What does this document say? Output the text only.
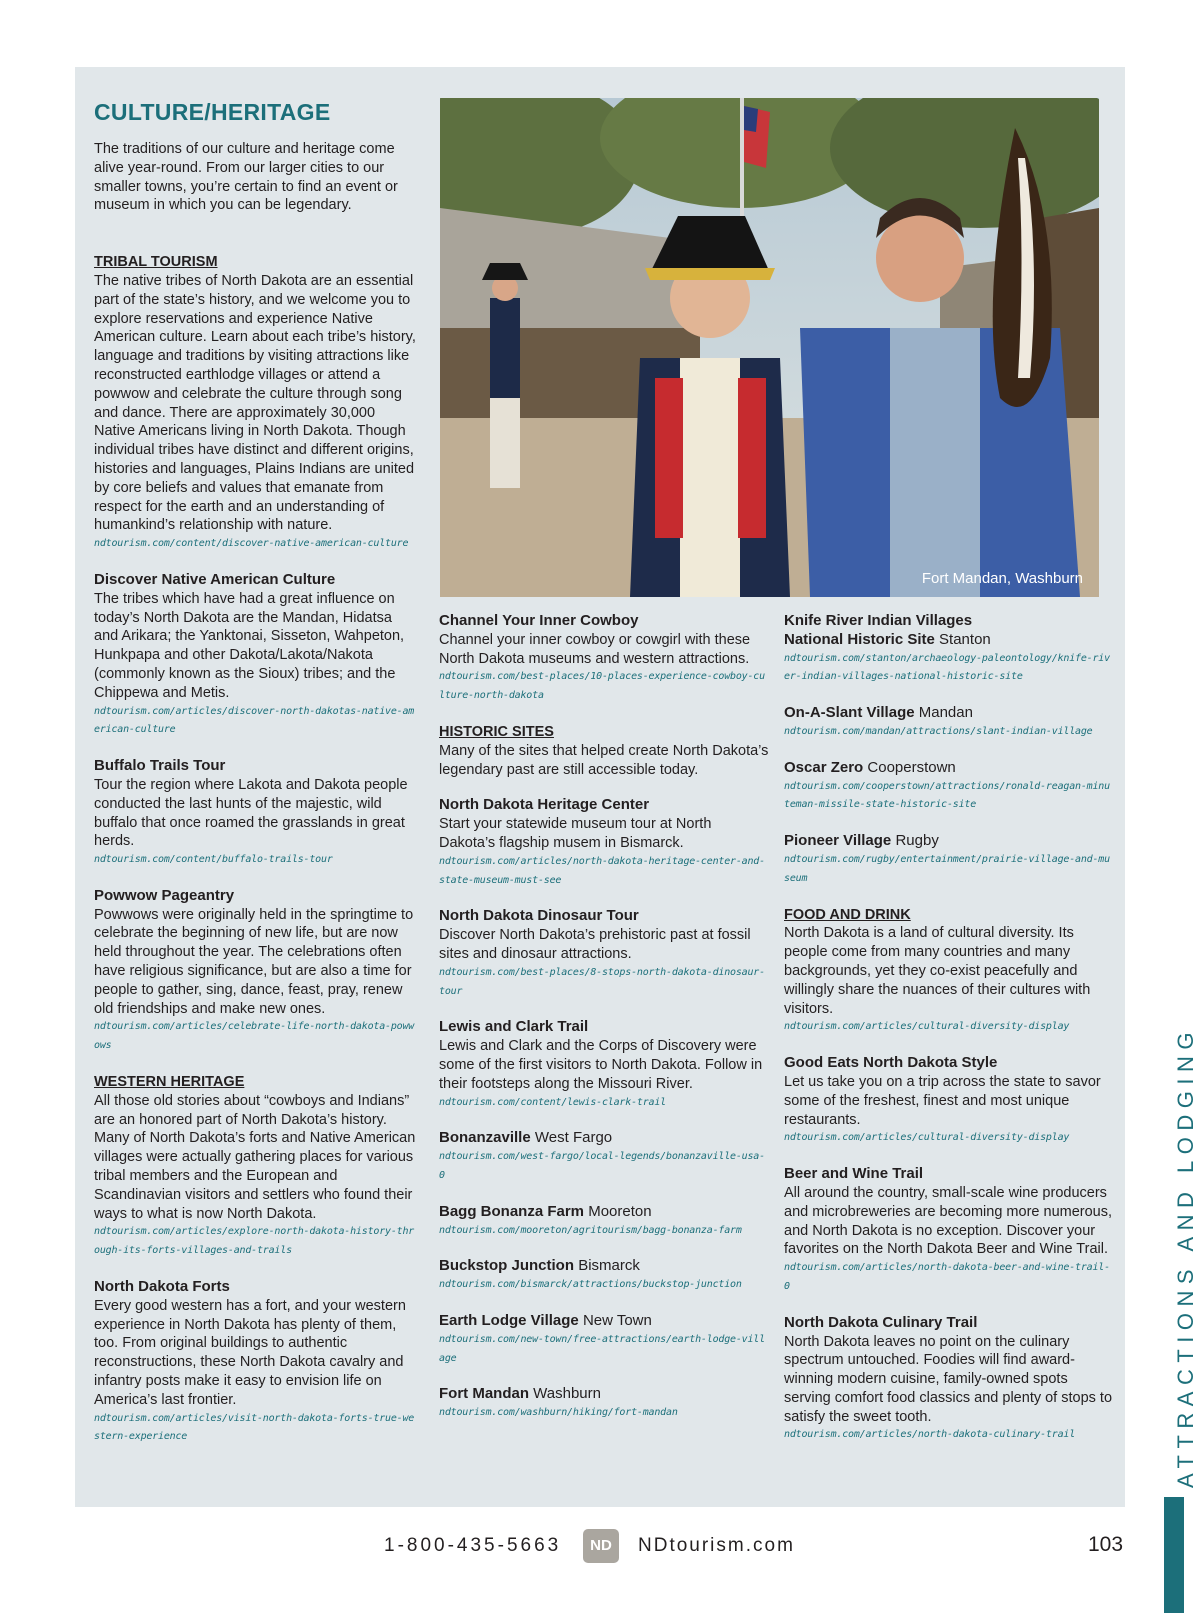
CULTURE/HERITAGE

The traditions of our culture and heritage come alive year-round. From our larger cities to our smaller towns, you’re certain to find an event or museum in which you can be legendary.

TRIBAL TOURISM

The native tribes of North Dakota are an essential part of the state’s history, and we welcome you to explore reservations and experience Native American culture. Learn about each tribe’s history, language and traditions by visiting attractions like reconstructed earthlodge villages or attend a powwow and celebrate the culture through song and dance. There are approximately 30,000 Native Americans living in North Dakota. Though individual tribes have distinct and different origins, histories and languages, Plains Indians are united by core beliefs and values that emanate from respect for the earth and an understanding of humankind’s relationship with nature.

ndtourism.com/content/discover-native-american-culture
Discover Native American Culture

The tribes which have had a great influence on today’s North Dakota are the Mandan, Hidatsa and Arikara; the Yanktonai, Sisseton, Wahpeton, Hunkpapa and other Dakota/Lakota/Nakota (commonly known as the Sioux) tribes; and the Chippewa and Metis.

ndtourism.com/articles/discover-north-dakotas-native-american-culture
Buffalo Trails Tour

Tour the region where Lakota and Dakota people conducted the last hunts of the majestic, wild buffalo that once roamed the grasslands in great herds.

ndtourism.com/content/buffalo-trails-tour
Powwow Pageantry

Powwows were originally held in the springtime to celebrate the beginning of new life, but are now held throughout the year. The celebrations often have religious significance, but are also a time for people to gather, sing, dance, feast, pray, renew old friendships and make new ones.

ndtourism.com/articles/celebrate-life-north-dakota-powwows
WESTERN HERITAGE

All those old stories about “cowboys and Indians” are an honored part of North Dakota’s history. Many of North Dakota’s forts and Native American villages were actually gathering places for various tribal members and the European and Scandinavian visitors and settlers who found their ways to what is now North Dakota.

ndtourism.com/articles/explore-north-dakota-history-through-its-forts-villages-and-trails
North Dakota Forts

Every good western has a fort, and your western experience in North Dakota has plenty of them, too. From original buildings to authentic reconstructions, these North Dakota cavalry and infantry posts make it easy to envision life on America’s last frontier.

ndtourism.com/articles/visit-north-dakota-forts-true-western-experience
Fort Mandan, Washburn
Channel Your Inner Cowboy

Channel your inner cowboy or cowgirl with these North Dakota museums and western attractions.

ndtourism.com/best-places/10-places-experience-cowboy-culture-north-dakota
HISTORIC SITES

Many of the sites that helped create North Dakota’s legendary past are still accessible today.

North Dakota Heritage Center

Start your statewide museum tour at North Dakota’s flagship musem in Bismarck.

ndtourism.com/articles/north-dakota-heritage-center-and-state-museum-must-see
North Dakota Dinosaur Tour

Discover North Dakota’s prehistoric past at fossil sites and dinosaur attractions.

ndtourism.com/best-places/8-stops-north-dakota-dinosaur-tour
Lewis and Clark Trail

Lewis and Clark and the Corps of Discovery were some of the first visitors to North Dakota. Follow in their footsteps along the Missouri River.

ndtourism.com/content/lewis-clark-trail
Bonanzaville West Fargo
ndtourism.com/west-fargo/local-legends/bonanzaville-usa-0
Bagg Bonanza Farm Mooreton
ndtourism.com/mooreton/agritourism/bagg-bonanza-farm
Buckstop Junction Bismarck
ndtourism.com/bismarck/attractions/buckstop-junction
Earth Lodge Village New Town
ndtourism.com/new-town/free-attractions/earth-lodge-village
Fort Mandan Washburn
ndtourism.com/washburn/hiking/fort-mandan
Knife River Indian Villages
National Historic Site Stanton
ndtourism.com/stanton/archaeology-paleontology/knife-river-indian-villages-national-historic-site
On-A-Slant Village Mandan
ndtourism.com/mandan/attractions/slant-indian-village
Oscar Zero Cooperstown
ndtourism.com/cooperstown/attractions/ronald-reagan-minuteman-missile-state-historic-site
Pioneer Village Rugby
ndtourism.com/rugby/entertainment/prairie-village-and-museum
FOOD AND DRINK

North Dakota is a land of cultural diversity. Its people come from many countries and many backgrounds, yet they co-exist peacefully and willingly share the nuances of their cultures with visitors.

ndtourism.com/articles/cultural-diversity-display
Good Eats North Dakota Style

Let us take you on a trip across the state to savor some of the freshest, finest and most unique restaurants.

ndtourism.com/articles/cultural-diversity-display
Beer and Wine Trail

All around the country, small-scale wine producers and microbreweries are becoming more numerous, and North Dakota is no exception. Discover your favorites on the North Dakota Beer and Wine Trail.

ndtourism.com/articles/north-dakota-beer-and-wine-trail-0
North Dakota Culinary Trail

North Dakota leaves no point on the culinary spectrum untouched. Foodies will find award-winning modern cuisine, family-owned spots serving comfort food classics and plenty of stops to satisfy the sweet tooth.

ndtourism.com/articles/north-dakota-culinary-trail	ATTRACTIONS AND LODGING
1-800-435-5663	ND	NDtourism.com	103
